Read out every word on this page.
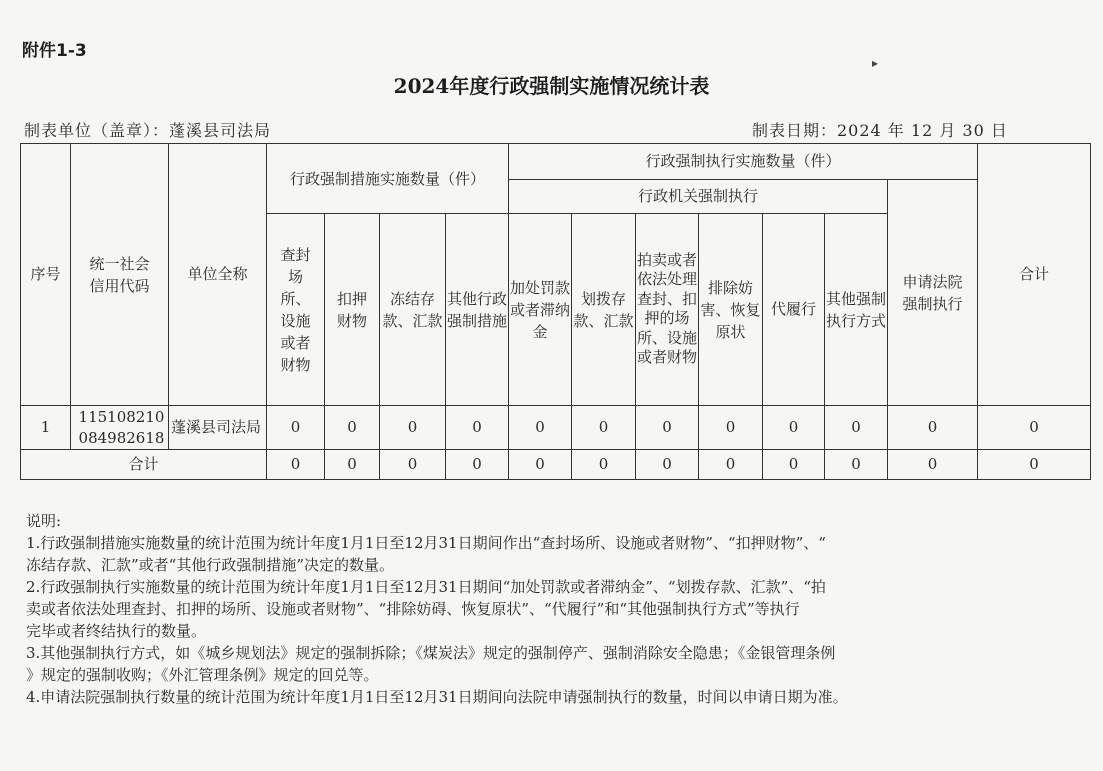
附件1-3
▸
2024年度行政强制实施情况统计表
制表单位（盖章）：蓬溪县司法局	制表日期：2024 年 12 月 30 日
序号	统一社会信用代码	单位全称	行政强制措施实施数量（件）				行政强制执行实施数量（件）							合计
							行政机关强制执行						申请法院强制执行	
			查封场所、设施或者财物	扣押财物	冻结存款、汇款	其他行政强制措施	加处罚款或者滞纳金	划拨存款、汇款	拍卖或者依法处理查封、扣押的场所、设施或者财物	排除妨害、恢复原状	代履行	其他强制执行方式		

1	115108210084982618	蓬溪县司法局	0	0	0	0	0	0	0	0	0	0	0	0
合计			0	0	0	0	0	0	0	0	0	0	0	0
说明:
1.行政强制措施实施数量的统计范围为统计年度1月1日至12月31日期间作出“查封场所、设施或者财物”、“扣押财物”、“
冻结存款、汇款”或者“其他行政强制措施”决定的数量。
2.行政强制执行实施数量的统计范围为统计年度1月1日至12月31日期间“加处罚款或者滞纳金”、“划拨存款、汇款”、“拍
卖或者依法处理查封、扣押的场所、设施或者财物”、“排除妨碍、恢复原状”、“代履行”和“其他强制执行方式”等执行
完毕或者终结执行的数量。
3.其他强制执行方式，如《城乡规划法》规定的强制拆除；《煤炭法》规定的强制停产、强制消除安全隐患；《金银管理条例
》规定的强制收购；《外汇管理条例》规定的回兑等。
4.申请法院强制执行数量的统计范围为统计年度1月1日至12月31日期间向法院申请强制执行的数量，时间以申请日期为准。
